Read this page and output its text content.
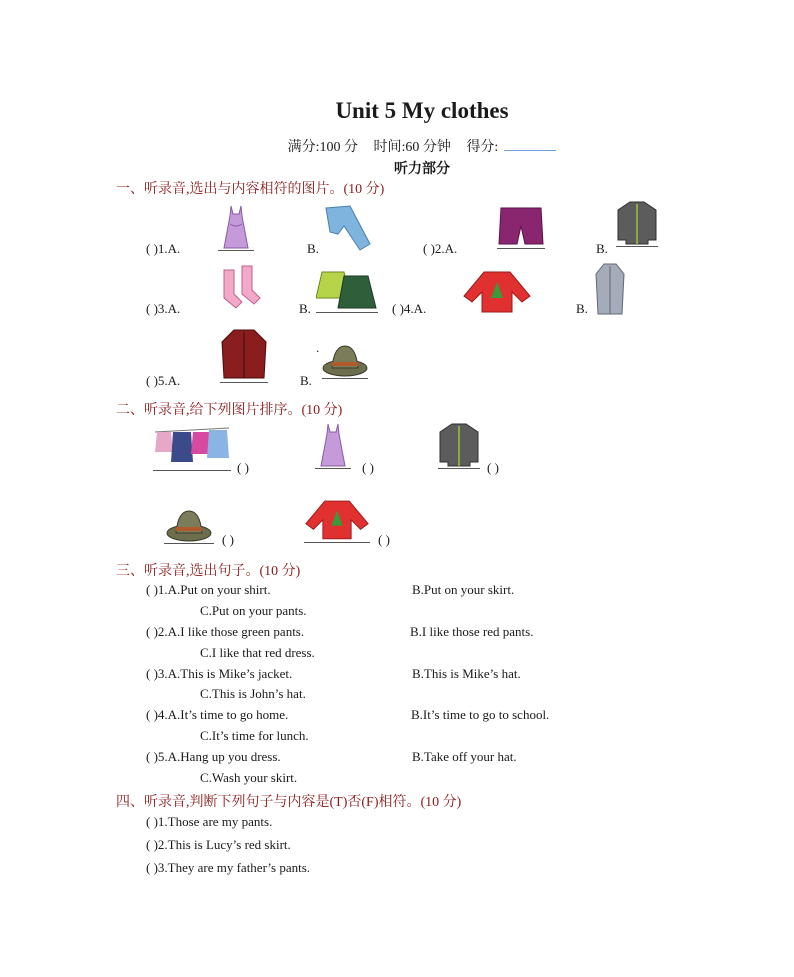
Unit 5 My clothes
满分:100 分 时间:60 分钟 得分:
听力部分
一、听录音,选出与内容相符的图片。(10 分)
( )1.A.	B.	( )2.A.	B.
( )3.A.	B.	( )4.A.	B.
( )5.A.	B.
.
二、听录音,给下列图片排序。(10 分)
( )	( )	( )
( )	( )
三、听录音,选出句子。(10 分)
( )1.A.Put on your shirt.	B.Put on your skirt.
C.Put on your pants.
( )2.A.I like those green pants.	B.I like those red pants.
C.I like that red dress.
( )3.A.This is Mike’s jacket.	B.This is Mike’s hat.
C.This is John’s hat.
( )4.A.It’s time to go home.	B.It’s time to go to school.
C.It’s time for lunch.
( )5.A.Hang up you dress.	B.Take off your hat.
C.Wash your skirt.
四、听录音,判断下列句子与内容是(T)否(F)相符。(10 分)
( )1.Those are my pants.
( )2.This is Lucy’s red skirt.
( )3.They are my father’s pants.
